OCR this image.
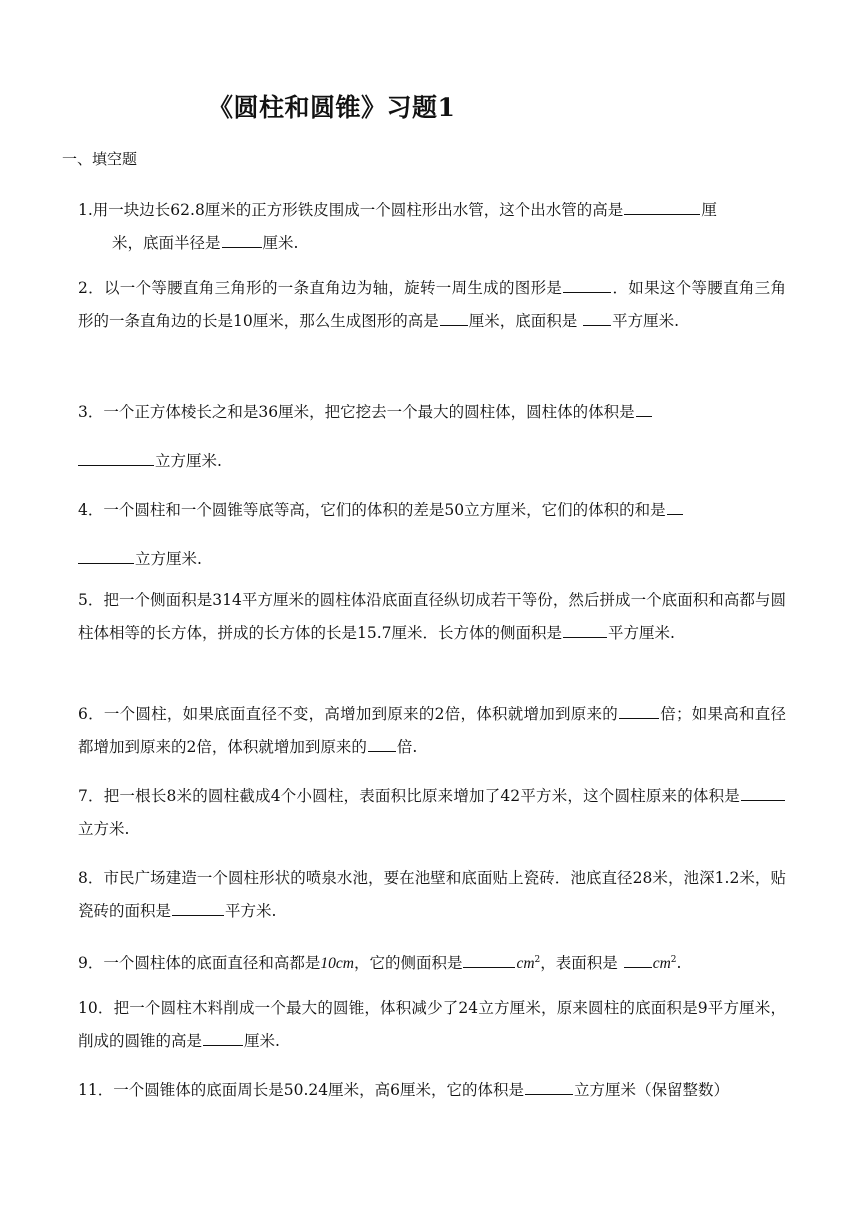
《圆柱和圆锥》习题1
一、填空题
1.用一块边长62.8厘米的正方形铁皮围成一个圆柱形出水管，这个出水管的高是	厘
米，底面半径是	厘米.
2．以一个等腰直角三角形的一条直角边为轴，旋转一周生成的图形是	．如果这个等腰直角三角形的一条直角边的长是10厘米，那么生成图形的高是 厘米，底面积是 平方厘米.
3．一个正方体棱长之和是36厘米，把它挖去一个最大的圆柱体，圆柱体的体积是
立方厘米.
4．一个圆柱和一个圆锥等底等高，它们的体积的差是50立方厘米，它们的体积的和是
立方厘米.
5．把一个侧面积是314平方厘米的圆柱体沿底面直径纵切成若干等份，然后拼成一个底面积和高都与圆柱体相等的长方体，拼成的长方体的长是15.7厘米．长方体的侧面积是	平方厘米.
6．一个圆柱，如果底面直径不变，高增加到原来的2倍，体积就增加到原来的	倍；如果高和直径都增加到原来的2倍，体积就增加到原来的 倍.
7．把一根长8米的圆柱截成4个小圆柱，表面积比原来增加了42平方米，这个圆柱原来的体积是立方米.
8．市民广场建造一个圆柱形状的喷泉水池，要在池壁和底面贴上瓷砖．池底直径28米，池深1.2米，贴瓷砖的面积是	平方米.
9．一个圆柱体的底面直径和高都是10cm，它的侧面积是	$cm^2$，表面积是 $cm^2$.
10．把一个圆柱木料削成一个最大的圆锥，体积减少了24立方厘米，原来圆柱的底面积是9平方厘米，削成的圆锥的高是	厘米.
11．一个圆锥体的底面周长是50.24厘米，高6厘米，它的体积是	立方厘米（保留整数）
